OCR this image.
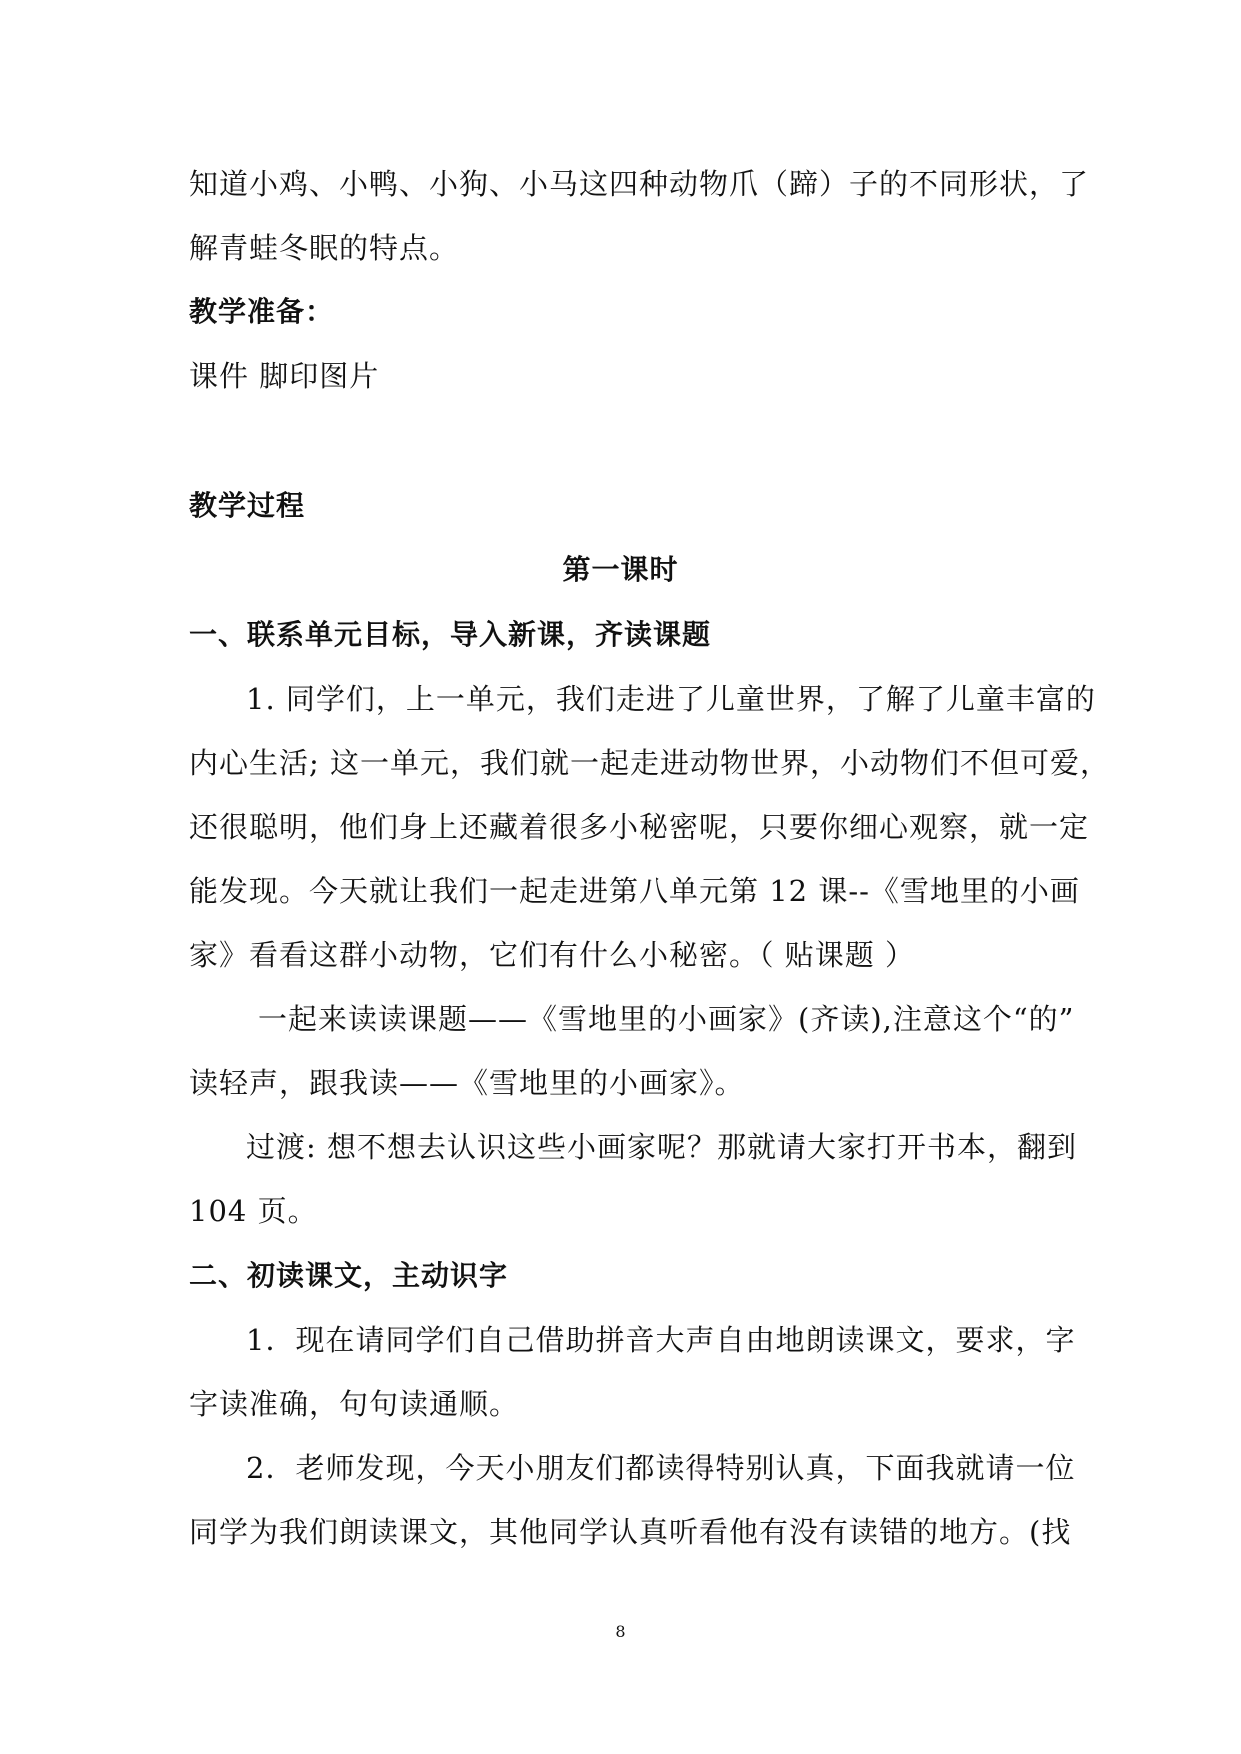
知道小鸡、小鸭、小狗、小马这四种动物爪（蹄）子的不同形状，了
解青蛙冬眠的特点。
教学准备：
课件 脚印图片
教学过程
第一课时
一、联系单元目标，导入新课，齐读课题
1. 同学们，上一单元，我们走进了儿童世界，了解了儿童丰富的
内心生活; 这一单元，我们就一起走进动物世界，小动物们不但可爱，
还很聪明，他们身上还藏着很多小秘密呢，只要你细心观察，就一定
能发现。今天就让我们一起走进第八单元第 12 课--《雪地里的小画
家》看看这群小动物，它们有什么小秘密。（ 贴课题 ）
一起来读读课题——《雪地里的小画家》(齐读),注意这个“的”
读轻声，跟我读——《雪地里的小画家》。
过渡: 想不想去认识这些小画家呢？那就请大家打开书本，翻到
104 页。
二、初读课文，主动识字
1．现在请同学们自己借助拼音大声自由地朗读课文，要求，字
字读准确，句句读通顺。
2．老师发现，今天小朋友们都读得特别认真，下面我就请一位
同学为我们朗读课文，其他同学认真听看他有没有读错的地方。(找
8
